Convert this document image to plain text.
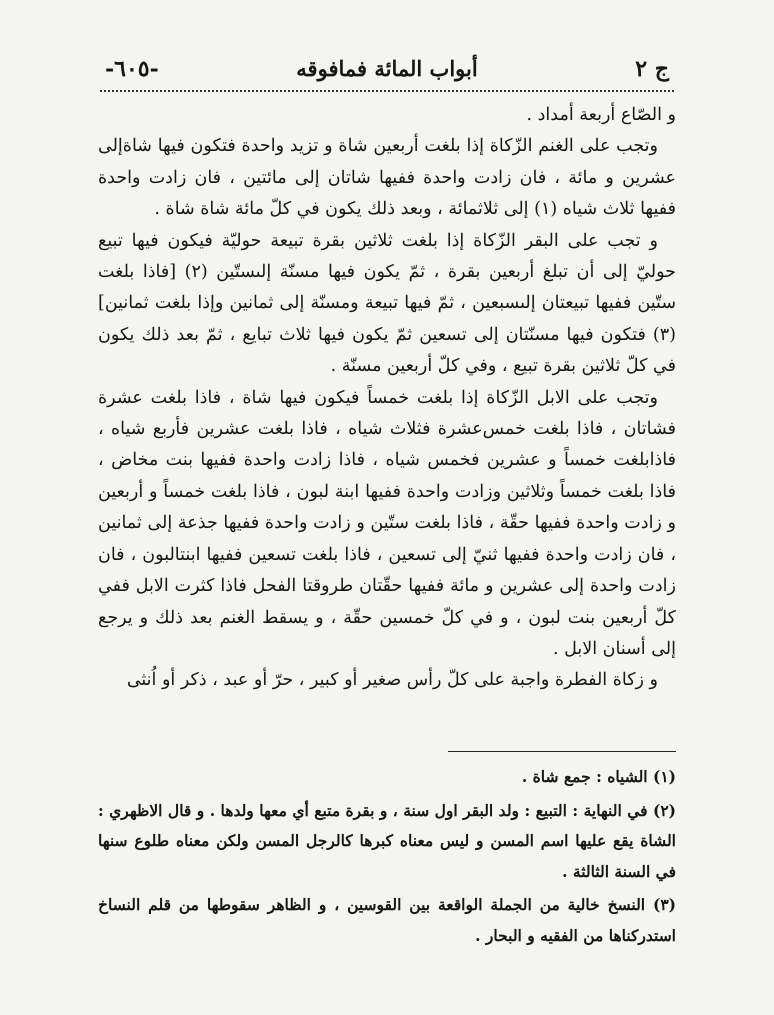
ج ٢
أبواب المائة فمافوقه
-٦٠٥-

و الصّاع أربعة أمداد .

وتجب على الغنم الزّكاة إذا بلغت أربعين شاة و تزيد واحدة فتكون فيها شاةإلى عشرين و مائة ، فان زادت واحدة ففيها شاتان إلى مائتين ، فان زادت واحدة ففيها ثلاث شياه (١) إلى ثلاثمائة ، وبعد ذلك يكون في كلّ مائة شاة شاة .

و تجب على البقر الزّكاة إذا بلغت ثلاثين بقرة تبيعة حوليّة فيكون فيها تبيع حوليّ إلى أن تبلغ أربعين بقرة ، ثمّ يكون فيها مسنّة إلىستّين (٢) [فاذا بلغت ستّين ففيها تبيعتان إلىسبعين ، ثمّ فيها تبيعة ومسنّة إلى ثمانين وإذا بلغت ثمانين](٣) فتكون فيها مسنّتان إلى تسعين ثمّ يكون فيها ثلاث تبايع ، ثمّ بعد ذلك يكون في كلّ ثلاثين بقرة تبيع ، وفي كلّ أربعين مسنّة .

وتجب على الابل الزّكاة إذا بلغت خمساً فيكون فيها شاة ، فاذا بلغت عشرة فشاتان ، فاذا بلغت خمس‌عشرة فثلاث شياه ، فاذا بلغت عشرين فأربع شياه ، فاذابلغت خمساً و عشرين فخمس شياه ، فاذا زادت واحدة ففيها بنت مخاض ، فاذا بلغت خمساً وثلاثين وزادت واحدة ففيها ابنة لبون ، فاذا بلغت خمساً و أربعين و زادت واحدة ففيها حقّة ، فاذا بلغت ستّين و زادت واحدة ففيها جذعة إلى ثمانين ، فان زادت واحدة ففيها ثنيّ إلى تسعين ، فاذا بلغت تسعين ففيها ابنتالبون ، فان زادت واحدة إلى عشرين و مائة ففيها حقّتان طروقتا الفحل فاذا كثرت الابل ففي كلّ أربعين بنت لبون ، و في كلّ خمسين حقّة ، و يسقط الغنم بعد ذلك و يرجع إلى أسنان الابل .

و زكاة الفطرة واجبة على كلّ رأس صغير أو كبير ، حرّ أو عبد ، ذكر أو اُنثى

(١) الشياه : جمع شاة .

(٢) في النهاية : التبيع : ولد البقر اول سنة ، و بقرة متبع أي معها ولدها . و قال الاظهري : الشاة يقع عليها اسم المسن و ليس معناه كبرها كالرجل المسن ولكن معناه طلوع سنها في السنة الثالثة .

(٣) النسخ خالية من الجملة الواقعة بين القوسين ، و الظاهر سقوطها من قلم النساخ استدركناها من الفقيه و البحار .
